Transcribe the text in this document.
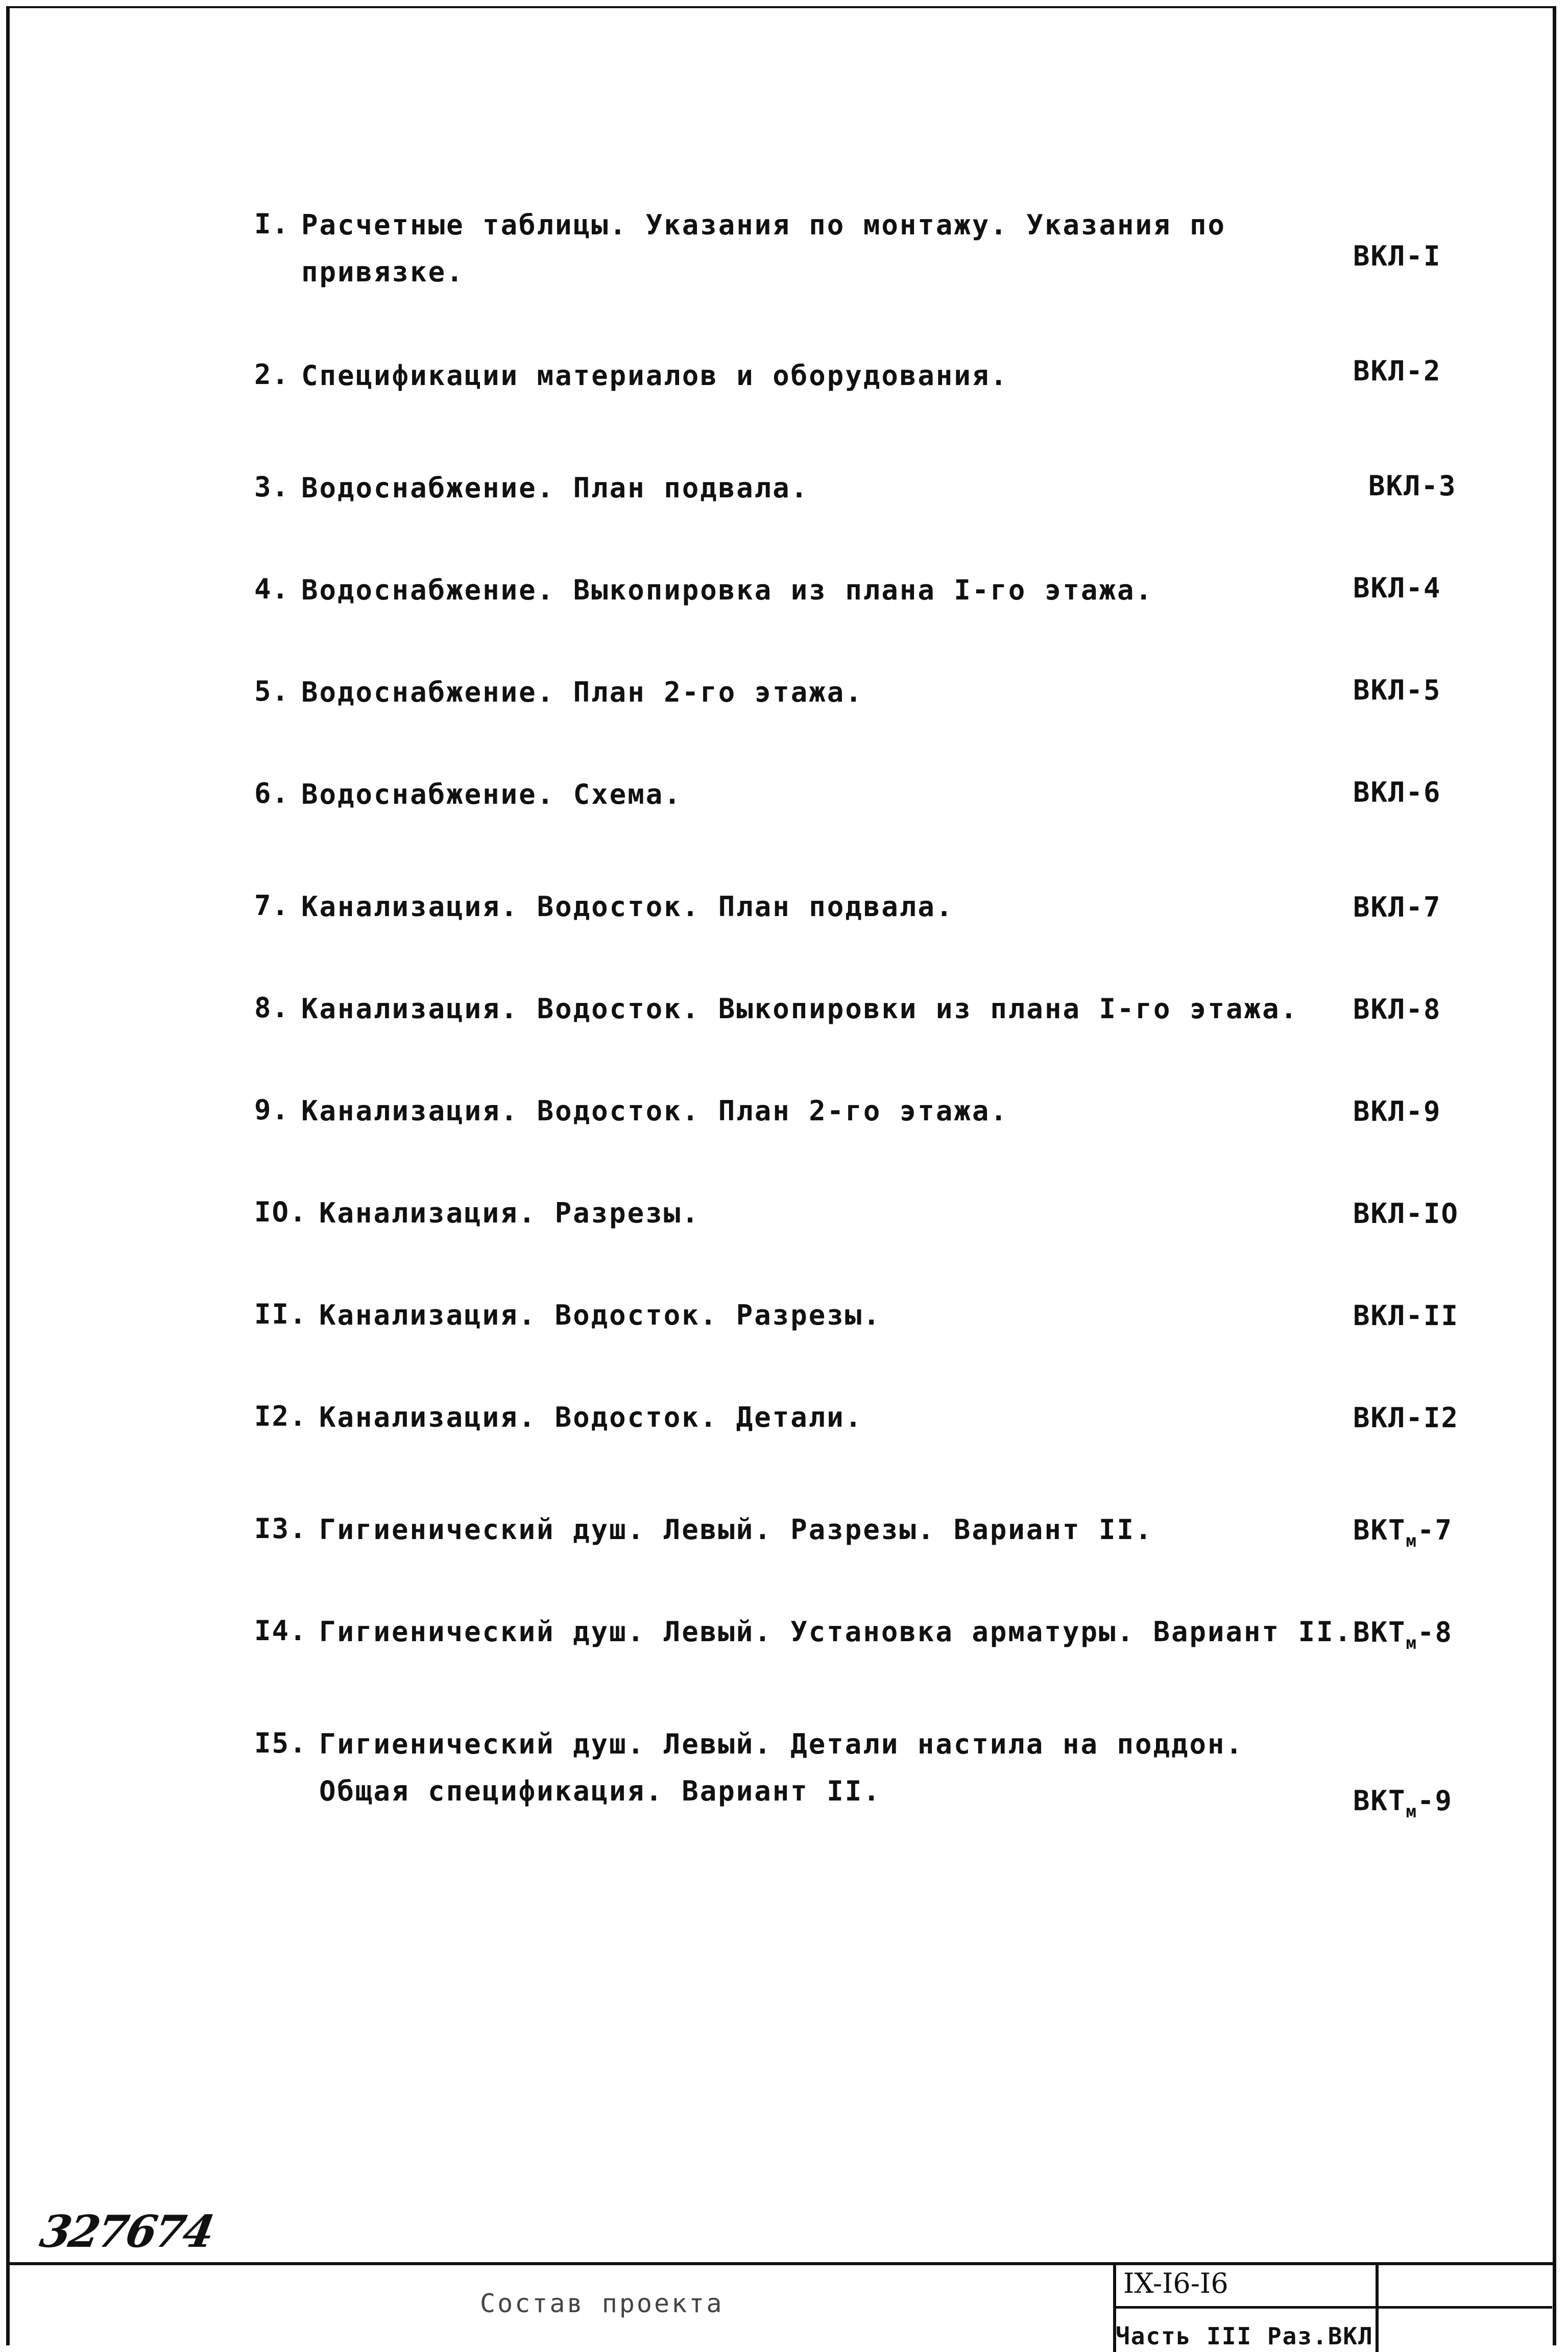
I. Расчетные таблицы. Указания по монтажу. Указания по
привязке.	ВКЛ-I
2. Спецификации материалов и оборудования.	ВКЛ-2
3. Водоснабжение. План подвала.	ВКЛ-3
4. Водоснабжение. Выкопировка из плана I-го этажа.	ВКЛ-4
5. Водоснабжение. План 2-го этажа.	ВКЛ-5
6. Водоснабжение. Схема.	ВКЛ-6
7. Канализация. Водосток. План подвала.	ВКЛ-7
8. Канализация. Водосток. Выкопировки из плана I-го этажа. ВКЛ-8
9. Канализация. Водосток. План 2-го этажа.	ВКЛ-9
IO. Канализация. Разрезы.	ВКЛ-IO
II. Канализация. Водосток. Разрезы.	ВКЛ-II
I2. Канализация. Водосток. Детали.	ВКЛ-I2
I3. Гигиенический душ. Левый. Разрезы. Вариант II.	$ВКТ_м-7$
I4. Гигиенический душ. Левый. Установка арматуры. Вариант II. $ВКТ_м-8$
I5. Гигиенический душ. Левый. Детали настила на поддон.
Общая спецификация. Вариант II.	$ВКТ_м-9$
327674
Состав проекта
IX-I6-I6
Часть III Раз.ВКЛ
